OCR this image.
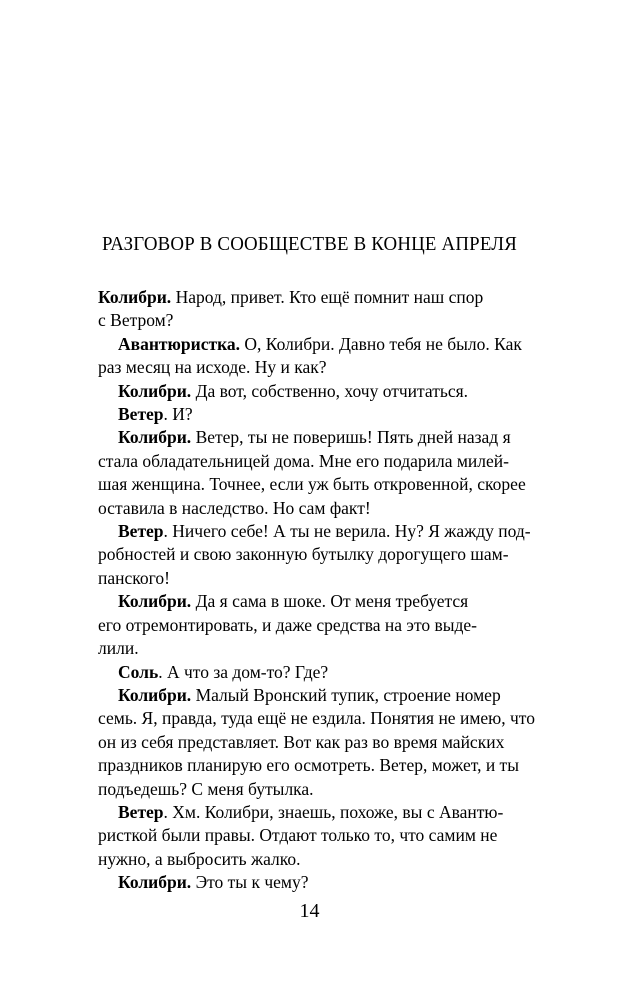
РАЗГОВОР В СООБЩЕСТВЕ В КОНЦЕ АПРЕЛЯ

Колибри. Народ, привет. Кто ещё помнит наш спор
с Ветром?

Авантюристка. О, Колибри. Давно тебя не было. Как
раз месяц на исходе. Ну и как?

Колибри. Да вот, собственно, хочу отчитаться.

Ветер. И?

Колибри. Ветер, ты не поверишь! Пять дней назад я
стала обладательницей дома. Мне его подарила милей-
шая женщина. Точнее, если уж быть откровенной, скорее
оставила в наследство. Но сам факт!

Ветер. Ничего себе! А ты не верила. Ну? Я жажду под-
робностей и свою законную бутылку дорогущего шам-
панского!

Колибри. Да я сама в шоке. От меня требуется
его отремонтировать, и даже средства на это выде-
лили.

Соль. А что за дом-то? Где?

Колибри. Малый Вронский тупик, строение номер
семь. Я, правда, туда ещё не ездила. Понятия не имею, что
он из себя представляет. Вот как раз во время майских
праздников планирую его осмотреть. Ветер, может, и ты
подъедешь? С меня бутылка.

Ветер. Хм. Колибри, знаешь, похоже, вы с Авантю-
ристкой были правы. Отдают только то, что самим не
нужно, а выбросить жалко.

Колибри. Это ты к чему?

14
